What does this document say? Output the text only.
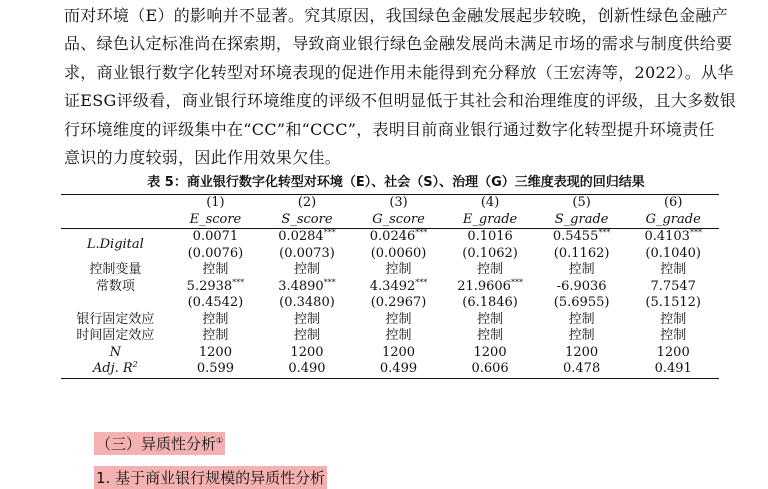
而对环境（E）的影响并不显著。究其原因，我国绿色金融发展起步较晚，创新性绿色金融产
品、绿色认定标准尚在探索期，导致商业银行绿色金融发展尚未满足市场的需求与制度供给要
求，商业银行数字化转型对环境表现的促进作用未能得到充分释放（王宏涛等，2022）。从华
证ESG评级看，商业银行环境维度的评级不但明显低于其社会和治理维度的评级，且大多数银
行环境维度的评级集中在“CC”和“CCC”，表明目前商业银行通过数字化转型提升环境责任
意识的力度较弱，因此作用效果欠佳。
表 5：商业银行数字化转型对环境（E）、社会（S）、治理（G）三维度表现的回归结果
	(1)	(2)	(3)	(4)	(5)	(6)
	E_score	S_score	G_score	E_grade	S_grade	G_grade
L.Digital	0.0071	0.0284***	0.0246***	0.1016	0.5455***	0.4103***
	(0.0076)	(0.0073)	(0.0060)	(0.1062)	(0.1162)	(0.1040)
控制变量	控制	控制	控制	控制	控制	控制
常数项	5.2938***	3.4890***	4.3492***	21.9606***	-6.9036	7.7547
	(0.4542)	(0.3480)	(0.2967)	(6.1846)	(5.6955)	(5.1512)
银行固定效应	控制	控制	控制	控制	控制	控制
时间固定效应	控制	控制	控制	控制	控制	控制
N	1200	1200	1200	1200	1200	1200
Adj. $R^2$	0.599	0.490	0.499	0.606	0.478	0.491
（三）异质性分析①
1. 基于商业银行规模的异质性分析
